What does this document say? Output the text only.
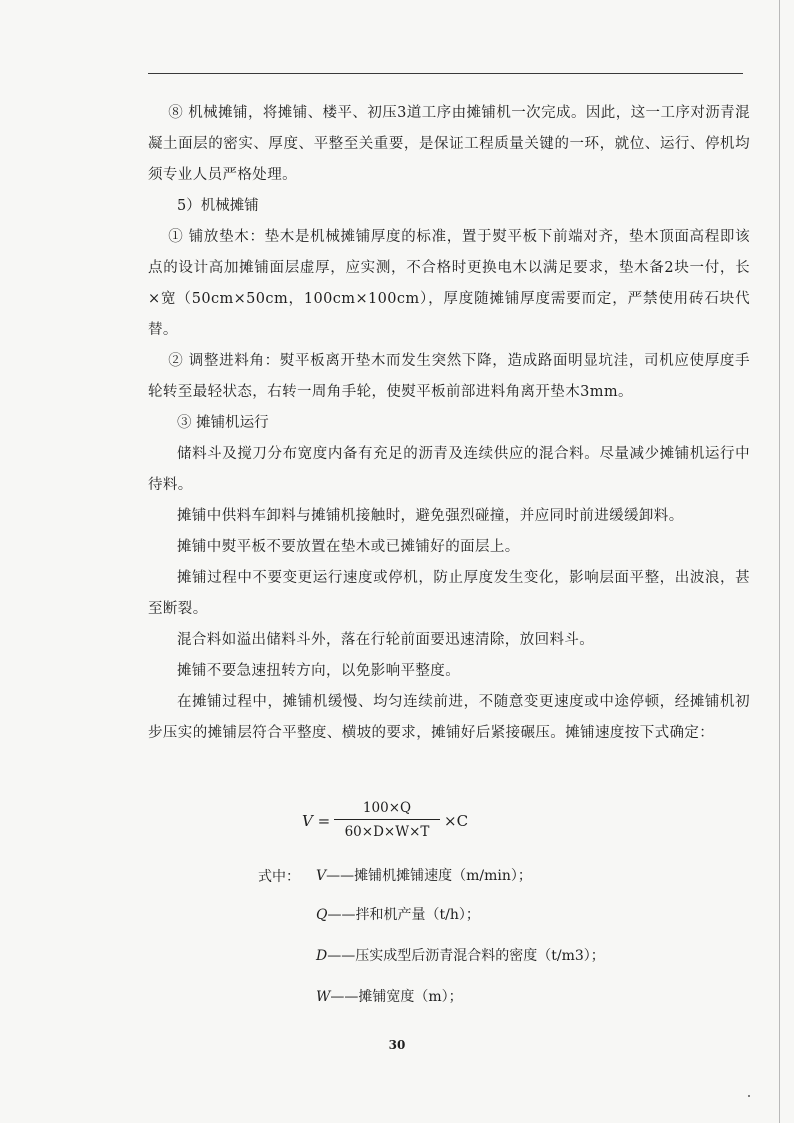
⑧ 机械摊铺，将摊铺、楼平、初压3道工序由摊铺机一次完成。因此，这一工序对沥青混凝土面层的密实、厚度、平整至关重要，是保证工程质量关键的一环，就位、运行、停机均须专业人员严格处理。

5）机械摊铺

① 铺放垫木：垫木是机械摊铺厚度的标准，置于熨平板下前端对齐，垫木顶面高程即该点的设计高加摊铺面层虚厚，应实测，不合格时更换电木以满足要求，垫木备2块一付，长×宽（50cm×50cm，100cm×100cm），厚度随摊铺厚度需要而定，严禁使用砖石块代替。

② 调整进料角：熨平板离开垫木而发生突然下降，造成路面明显坑洼，司机应使厚度手轮转至最轻状态，右转一周角手轮，使熨平板前部进料角离开垫木3mm。

③ 摊铺机运行

储料斗及搅刀分布宽度内备有充足的沥青及连续供应的混合料。尽量减少摊铺机运行中待料。

摊铺中供料车卸料与摊铺机接触时，避免强烈碰撞，并应同时前进缓缓卸料。

摊铺中熨平板不要放置在垫木或已摊铺好的面层上。

摊铺过程中不要变更运行速度或停机，防止厚度发生变化，影响层面平整，出波浪，甚至断裂。

混合料如溢出储料斗外，落在行轮前面要迅速清除，放回料斗。

摊铺不要急速扭转方向，以免影响平整度。

在摊铺过程中，摊铺机缓慢、均匀连续前进，不随意变更速度或中途停顿，经摊铺机初步压实的摊铺层符合平整度、横坡的要求，摊铺好后紧接碾压。摊铺速度按下式确定：

V =
100×Q
60×D×W×T
×C
式中： V——摊铺机摊铺速度（m/min）；
Q——拌和机产量（t/h）；
D——压实成型后沥青混合料的密度（t/m3）；
W——摊铺宽度（m）；
30
